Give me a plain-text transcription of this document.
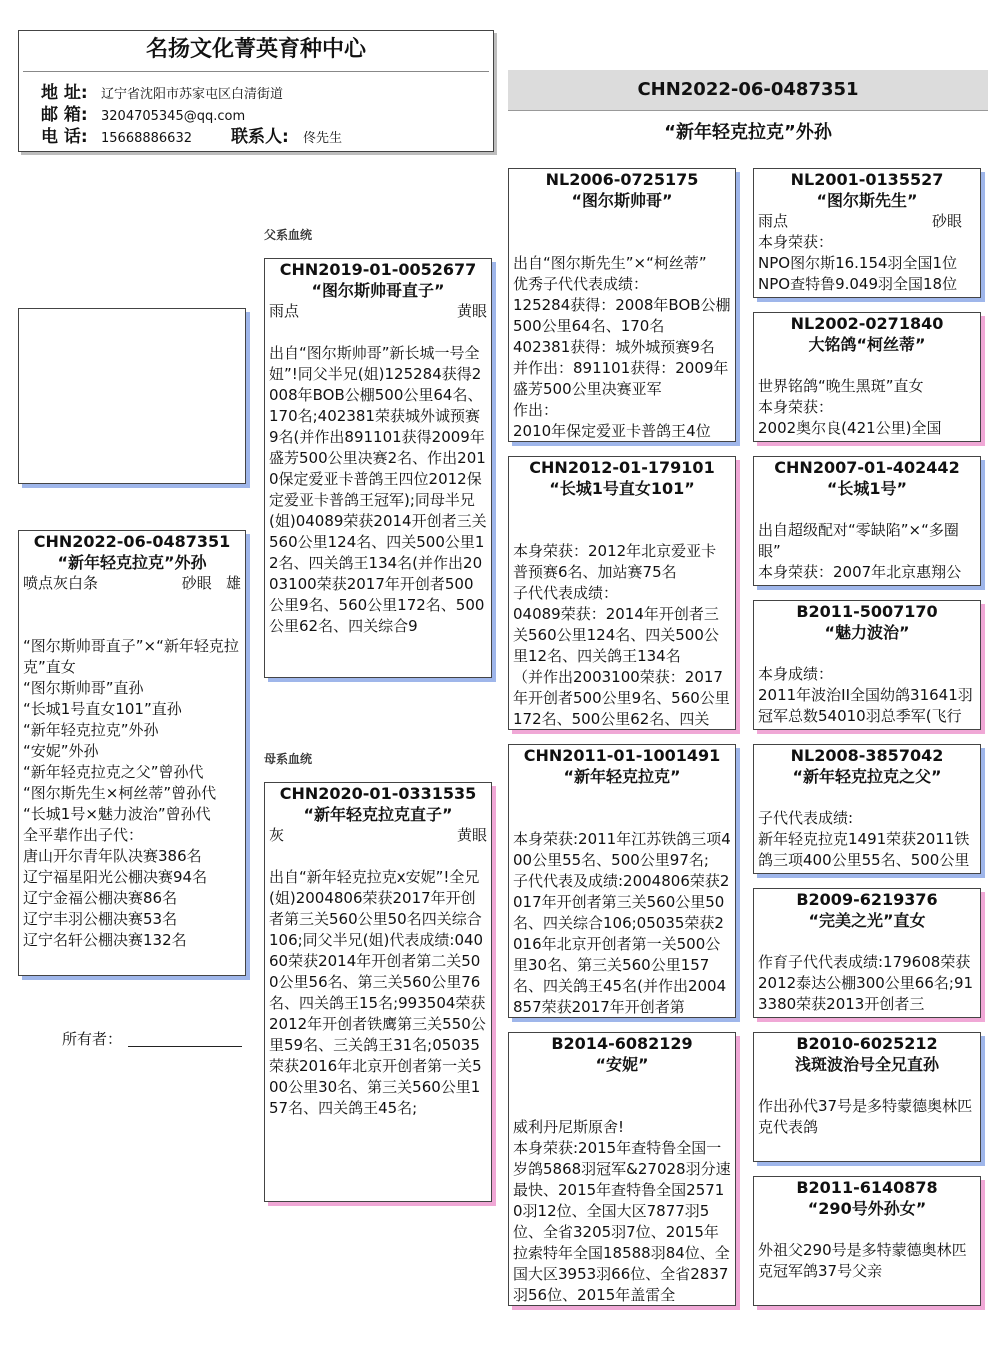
名扬文化菁英育种中心
地 址:	辽宁省沈阳市苏家屯区白清街道
邮 箱:	3204705345@qq.com
电 话:	15668886632	联系人:	佟先生
CHN2022-06-0487351
“新年轻克拉克”外孙
CHN2022-06-0487351
“新年轻克拉克”外孙
喷点灰白条	砂眼   雄
“图尔斯帅哥直子”×“新年轻克拉克”直女
“图尔斯帅哥”直孙
“长城1号直女101”直孙
“新年轻克拉克”外孙
“安妮”外孙
“新年轻克拉克之父”曾孙代
“图尔斯先生×柯丝蒂”曾孙代
“长城1号×魅力波治”曾孙代
全平辈作出子代：
唐山开尔青年队决赛386名
辽宁福星阳光公棚决赛94名
辽宁金福公棚决赛86名
辽宁丰羽公棚决赛53名
辽宁名轩公棚决赛132名
所有者：
父系血统
母系血统
CHN2019-01-0052677
“图尔斯帅哥直子”
雨点	黄眼
出自“图尔斯帅哥”新长城一号全妞”!同父半兄(姐)125284获得2008年BOB公棚500公里64名、170名;402381荣获城外诚预赛9名(并作出891101获得2009年盛芳500公里决赛2名、作出2010保定爱亚卡普鸽王四位2012保定爱亚卡普鸽王冠军);同母半兄(姐)04089荣获2014开创者三关560公里124名、四关500公里12名、四关鸽王134名(并作出2003100荣获2017年开创者500公里9名、560公里172名、500公里62名、四关综合9
CHN2020-01-0331535
“新年轻克拉克直子”
灰	黄眼
出自“新年轻克拉克x安妮”!全兄(姐)2004806荣获2017年开创者第三关560公里50名四关综合106;同父半兄(姐)代表成绩:04060荣获2014年开创者第二关500公里56名、第三关560公里76名、四关鸽王15名;993504荣获2012年开创者铁鹰第三关550公里59名、三关鸽王31名;05035荣获2016年北京开创者第一关500公里30名、第三关560公里157名、四关鸽王45名;
NL2006-0725175
“图尔斯帅哥”
出自“图尔斯先生”×“柯丝蒂”
优秀子代代表成绩：
125284获得：2008年BOB公棚500公里64名、170名
402381获得：城外城预赛9名
并作出：891101获得：2009年盛芳500公里决赛亚军
作出：
2010年保定爱亚卡普鸽王4位
CHN2012-01-179101
“长城1号直女101”
本身荣获：2012年北京爱亚卡普预赛6名、加站赛75名
子代代表成绩：
04089荣获：2014年开创者三关560公里124名、四关500公里12名、四关鸽王134名
（并作出2003100荣获：2017年开创者500公里9名、560公里172名、500公里62名、四关
CHN2011-01-1001491
“新年轻克拉克”
本身荣获:2011年江苏铁鸽三项400公里55名、500公里97名;
子代代表及成绩:2004806荣获2017年开创者第三关560公里50名、四关综合106;05035荣获2016年北京开创者第一关500公里30名、第三关560公里157名、四关鸽王45名(并作出2004857荣获2017年开创者第
B2014-6082129
“安妮”
威利丹尼斯原舍!
本身荣获:2015年查特鲁全国一岁鸽5868羽冠军&27028羽分速最快、2015年查特鲁全国25710羽12位、全国大区7877羽5位、全省3205羽7位、2015年拉索特年全国18588羽84位、全国大区3953羽66位、全省2837羽56位、2015年盖雷全
NL2001-0135527
“图尔斯先生”
雨点	砂眼
本身荣获：
NPO图尔斯16.154羽全国1位
NPO查特鲁9.049羽全国18位
NL2002-0271840
大铭鸽“柯丝蒂”
世界铭鸽“晚生黑斑”直女
本身荣获：
2002奥尔良(421公里)全国
CHN2007-01-402442
“长城1号”
出自超级配对“零缺陷”×“多圈眼”
本身荣获：2007年北京惠翔公
B2011-5007170
“魅力波治”
本身成绩：
2011年波治II全国幼鸽31641羽冠军总数54010羽总季军(飞行
NL2008-3857042
“新年轻克拉克之父”
子代代表成绩:
新年轻克拉克1491荣获2011铁鸽三项400公里55名、500公里
B2009-6219376
“完美之光”直女
作育子代代表成绩:179608荣获2012泰达公棚300公里66名;913380荣获2013开创者三
B2010-6025212
浅斑波治号全兄直孙
作出孙代37号是多特蒙德奥林匹克代表鸽
B2011-6140878
“290号外孙女”
外祖父290号是多特蒙德奥林匹克冠军鸽37号父亲
